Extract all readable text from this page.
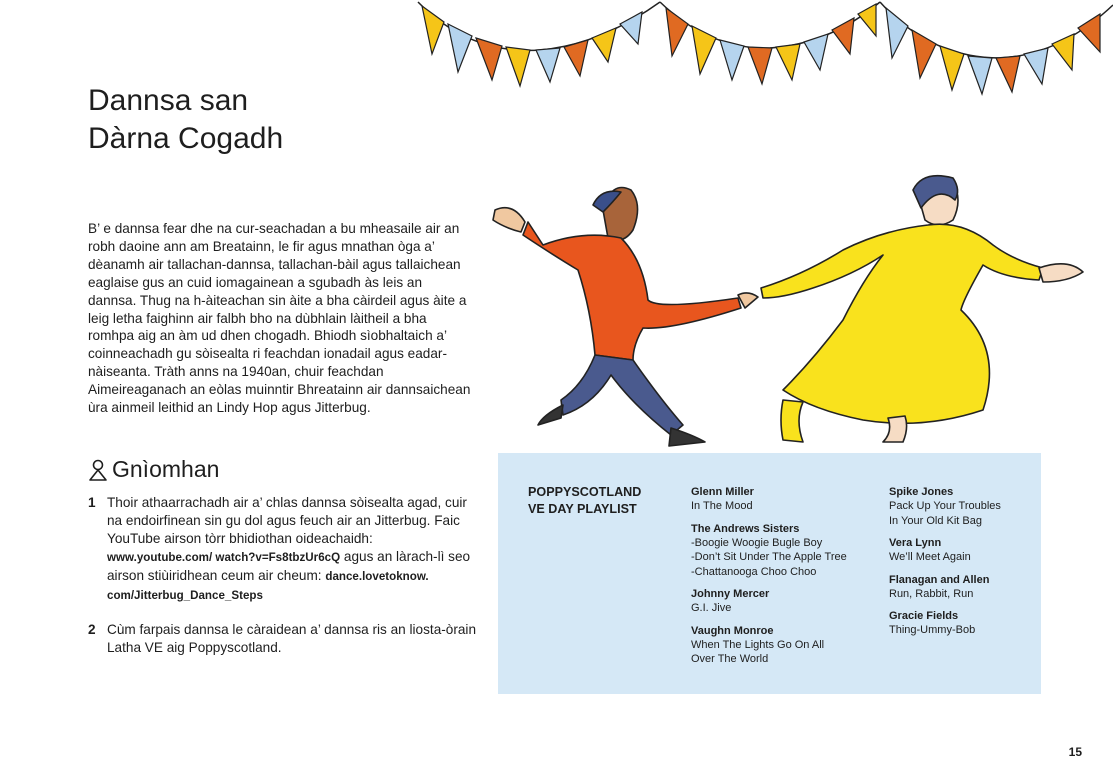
Dannsa san
Dàrna Cogadh

B’ e dannsa fear dhe na cur-seachadan a bu mheasaile air an robh daoine ann am Breatainn, le fir agus mnathan òga a’ dèanamh air tallachan-dannsa, tallachan-bàil agus tallaichean eaglaise gus an cuid iomagainean a sgubadh às leis an dannsa. Thug na h-àiteachan sin àite a bha càirdeil agus àite a leig letha faighinn air falbh bho na dùbhlain làitheil a bha romhpa aig an àm ud dhen chogadh. Bhiodh sìobhaltaich a’ coinneachadh gu sòisealta ri feachdan ionadail agus eadar-nàiseanta. Tràth anns na 1940an, chuir feachdan Aimeireaganach an eòlas muinntir Bhreatainn air dannsaichean ùra ainmeil leithid an Lindy Hop agus Jitterbug.

Gnìomhan
1 Thoir athaarrachadh air a’ chlas dannsa sòisealta agad, cuir na endoirfinean sin gu dol agus feuch air an Jitterbug. Faic YouTube airson tòrr bhidiothan oideachaidh: www.youtube.com/ watch?v=Fs8tbzUr6cQ agus an làrach-lì seo airson stiùiridhean ceum air cheum: dance.lovetoknow. com/Jitterbug_Dance_Steps
2 Cùm farpais dannsa le càraidean a’ dannsa ris an liosta-òrain Latha VE aig Poppyscotland.
POPPYSCOTLAND
VE DAY PLAYLIST
Glenn Miller
In The Mood
The Andrews Sisters
-Boogie Woogie Bugle Boy
-Don’t Sit Under The Apple Tree
-Chattanooga Choo Choo
Johnny Mercer
G.I. Jive
Vaughn Monroe
When The Lights Go On All
Over The World
Spike Jones
Pack Up Your Troubles
In Your Old Kit Bag
Vera Lynn
We’ll Meet Again
Flanagan and Allen
Run, Rabbit, Run
Gracie Fields
Thing-Ummy-Bob
15
